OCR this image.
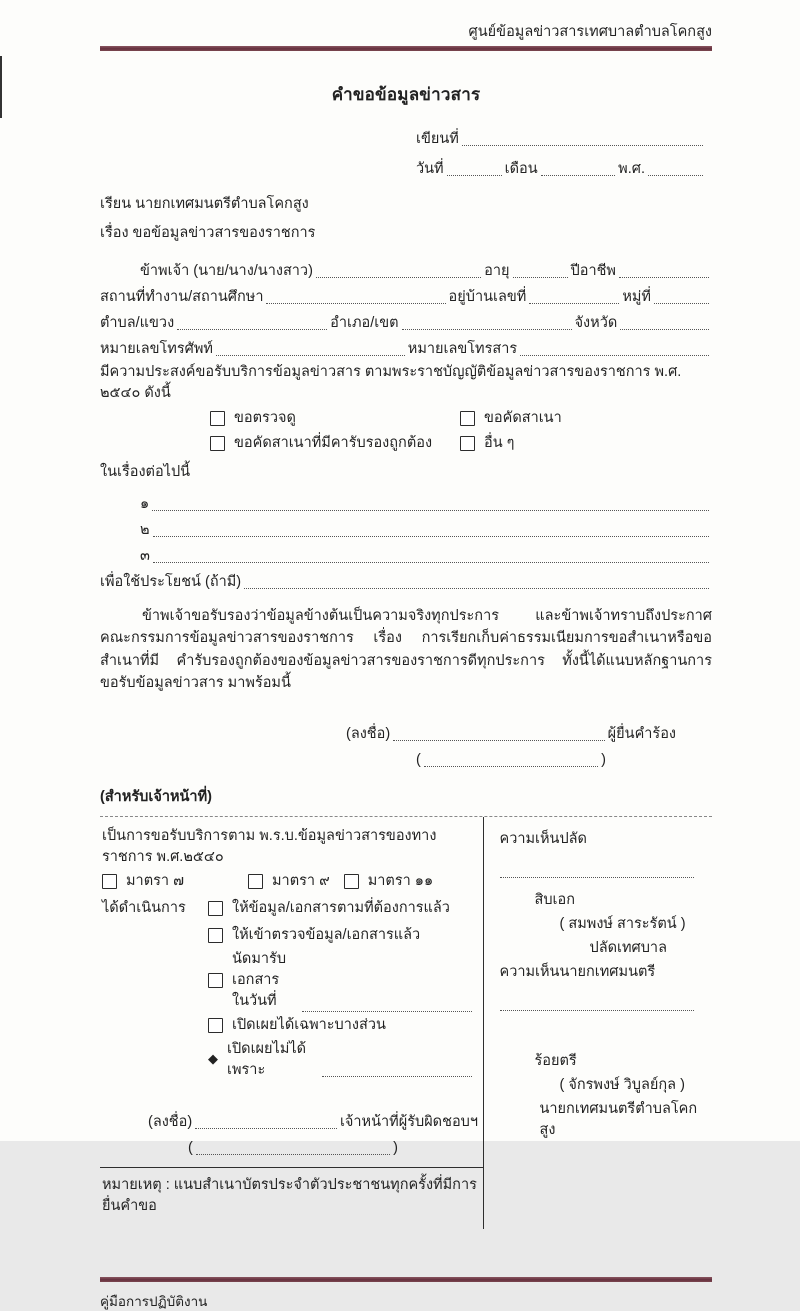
ศูนย์ข้อมูลข่าวสารเทศบาลตำบลโคกสูง
คำขอข้อมูลข่าวสาร
เขียนที่
วันที่	เดือน	พ.ศ.
เรียน นายกเทศมนตรีตำบลโคกสูง
เรื่อง ขอข้อมูลข่าวสารของราชการ
ข้าพเจ้า (นาย/นาง/นางสาว)	อายุ	ปีอาชีพ
สถานที่ทำงาน/สถานศึกษา	อยู่บ้านเลขที่	หมู่ที่
ตำบล/แขวง	อำเภอ/เขต	จังหวัด
หมายเลขโทรศัพท์	หมายเลขโทรสาร
มีความประสงค์ขอรับบริการข้อมูลข่าวสาร ตามพระราชบัญญัติข้อมูลข่าวสารของราชการ พ.ศ. ๒๕๔๐ ดังนี้
ขอตรวจดู	ขอคัดสาเนา
ขอคัดสาเนาที่มีคารับรองถูกต้อง	อื่น ๆ
ในเรื่องต่อไปนี้
๑
๒
๓
เพื่อใช้ประโยชน์ (ถ้ามี)
ข้าพเจ้าขอรับรองว่าข้อมูลข้างต้นเป็นความจริงทุกประการ และข้าพเจ้าทราบถึงประกาศ คณะกรรมการข้อมูลข่าวสารของราชการ เรื่อง การเรียกเก็บค่าธรรมเนียมการขอสำเนาหรือขอสำเนาที่มี คำรับรองถูกต้องของข้อมูลข่าวสารของราชการดีทุกประการ ทั้งนี้ได้แนบหลักฐานการขอรับข้อมูลข่าวสาร มาพร้อมนี้
(ลงชื่อ)	ผู้ยื่นคำร้อง
(	)
(สำหรับเจ้าหน้าที่)
เป็นการขอรับบริการตาม พ.ร.บ.ข้อมูลข่าวสารของทางราชการ พ.ศ.๒๕๔๐
มาตรา ๗	มาตรา ๙	มาตรา ๑๑
ได้ดำเนินการ	ให้ข้อมูล/เอกสารตามที่ต้องการแล้ว
ให้เข้าตรวจข้อมูล/เอกสารแล้ว
นัดมารับเอกสาร ในวันที่
เปิดเผยได้เฉพาะบางส่วน
◆
เปิดเผยไม่ได้เพราะ
(ลงชื่อ)	เจ้าหน้าที่ผู้รับผิดชอบฯ
(	)
ความเห็นปลัด
สิบเอก
( สมพงษ์ สาระรัตน์ )
ปลัดเทศบาล
ความเห็นนายกเทศมนตรี
ร้อยตรี
( จักรพงษ์ วิบูลย์กุล )
นายกเทศมนตรีตำบลโคกสูง
หมายเหตุ : แนบสำเนาบัตรประจำตัวประชาชนทุกครั้งที่มีการยื่นคำขอ
คู่มือการปฏิบัติงาน
